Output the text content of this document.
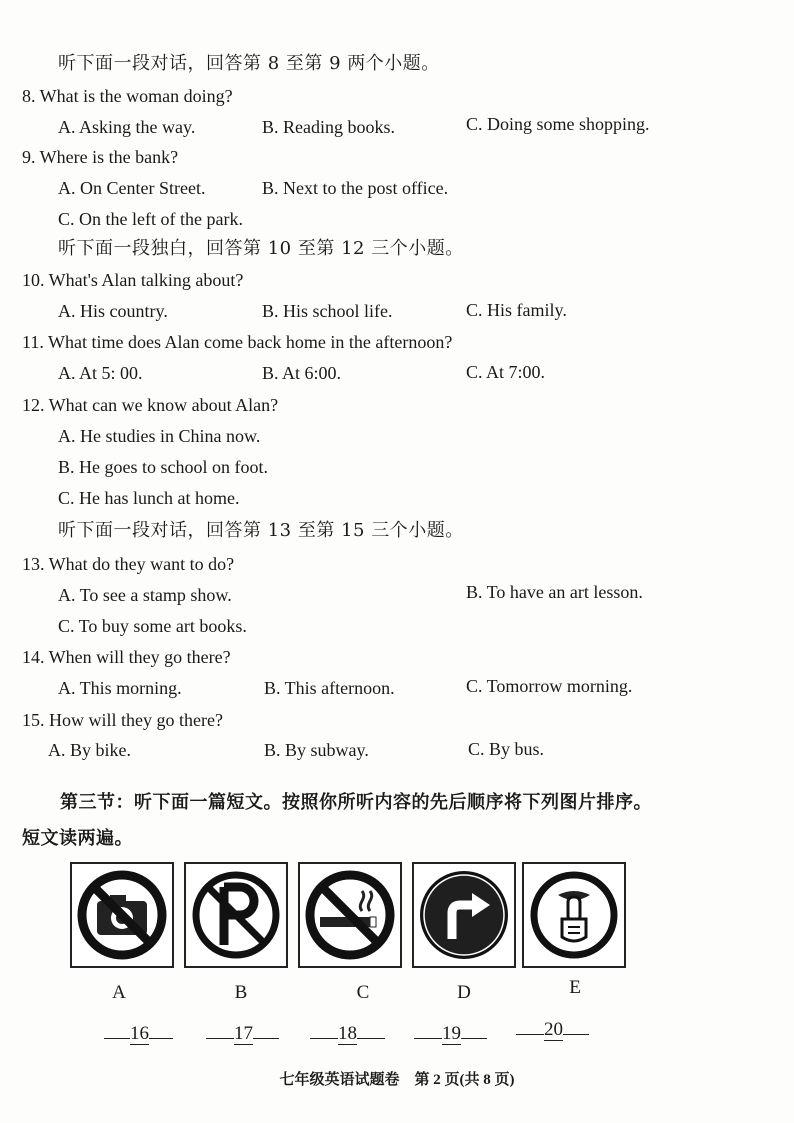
听下面一段对话，回答第 8 至第 9 两个小题。
8. What is the woman doing?
A. Asking the way.	B. Reading books.	C. Doing some shopping.
9. Where is the bank?
A. On Center Street.	B. Next to the post office.
C. On the left of the park.
听下面一段独白，回答第 10 至第 12 三个小题。
10. What's Alan talking about?
A. His country.	B. His school life.	C. His family.
11. What time does Alan come back home in the afternoon?
A. At 5: 00.	B. At 6:00.	C. At 7:00.
12. What can we know about Alan?
A. He studies in China now.
B. He goes to school on foot.
C. He has lunch at home.
听下面一段对话，回答第 13 至第 15 三个小题。
13. What do they want to do?
A. To see a stamp show.	B. To have an art lesson.
C. To buy some art books.
14. When will they go there?
A. This morning.	B. This afternoon.	C. Tomorrow morning.
15. How will they go there?
A. By bike.	B. By subway.	C. By bus.
第三节：听下面一篇短文。按照你所听内容的先后顺序将下列图片排序。
短文读两遍。
A	B	C	D	E
16	17	18	19	20
七年级英语试题卷　第 2 页(共 8 页)
